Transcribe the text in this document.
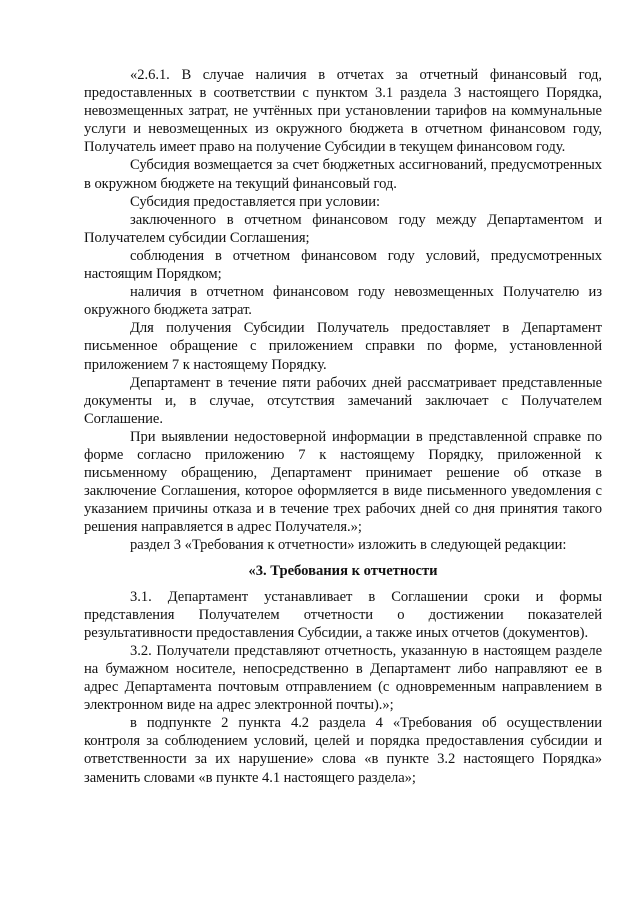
«2.6.1. В случае наличия в отчетах за отчетный финансовый год, предоставленных в соответствии с пунктом 3.1 раздела 3 настоящего Порядка, невозмещенных затрат, не учтённых при установлении тарифов на коммунальные услуги и невозмещенных из окружного бюджета в отчетном финансовом году, Получатель имеет право на получение Субсидии в текущем финансовом году.

Субсидия возмещается за счет бюджетных ассигнований, предусмотренных в окружном бюджете на текущий финансовый год.

Субсидия предоставляется при условии:

заключенного в отчетном финансовом году между Департаментом и Получателем субсидии Соглашения;

соблюдения в отчетном финансовом году условий, предусмотренных настоящим Порядком;

наличия в отчетном финансовом году невозмещенных Получателю из окружного бюджета затрат.

Для получения Субсидии Получатель предоставляет в Департамент письменное обращение с приложением справки по форме, установленной приложением 7 к настоящему Порядку.

Департамент в течение пяти рабочих дней рассматривает представленные документы и, в случае, отсутствия замечаний заключает с Получателем Соглашение.

При выявлении недостоверной информации в представленной справке по форме согласно приложению 7 к настоящему Порядку, приложенной к письменному обращению, Департамент принимает решение об отказе в заключение Соглашения, которое оформляется в виде письменного уведомления с указанием причины отказа и в течение трех рабочих дней со дня принятия такого решения направляется в адрес Получателя.»;

раздел 3 «Требования к отчетности» изложить в следующей редакции:

«3. Требования к отчетности

3.1. Департамент устанавливает в Соглашении сроки и формы представления Получателем отчетности о достижении показателей результативности предоставления Субсидии, а также иных отчетов (документов).

3.2. Получатели представляют отчетность, указанную в настоящем разделе на бумажном носителе, непосредственно в Департамент либо направляют ее в адрес Департамента почтовым отправлением (с одновременным направлением в электронном виде на адрес электронной почты).»;

в подпункте 2 пункта 4.2 раздела 4 «Требования об осуществлении контроля за соблюдением условий, целей и порядка предоставления субсидии и ответственности за их нарушение» слова «в пункте 3.2 настоящего Порядка» заменить словами «в пункте 4.1 настоящего раздела»;
